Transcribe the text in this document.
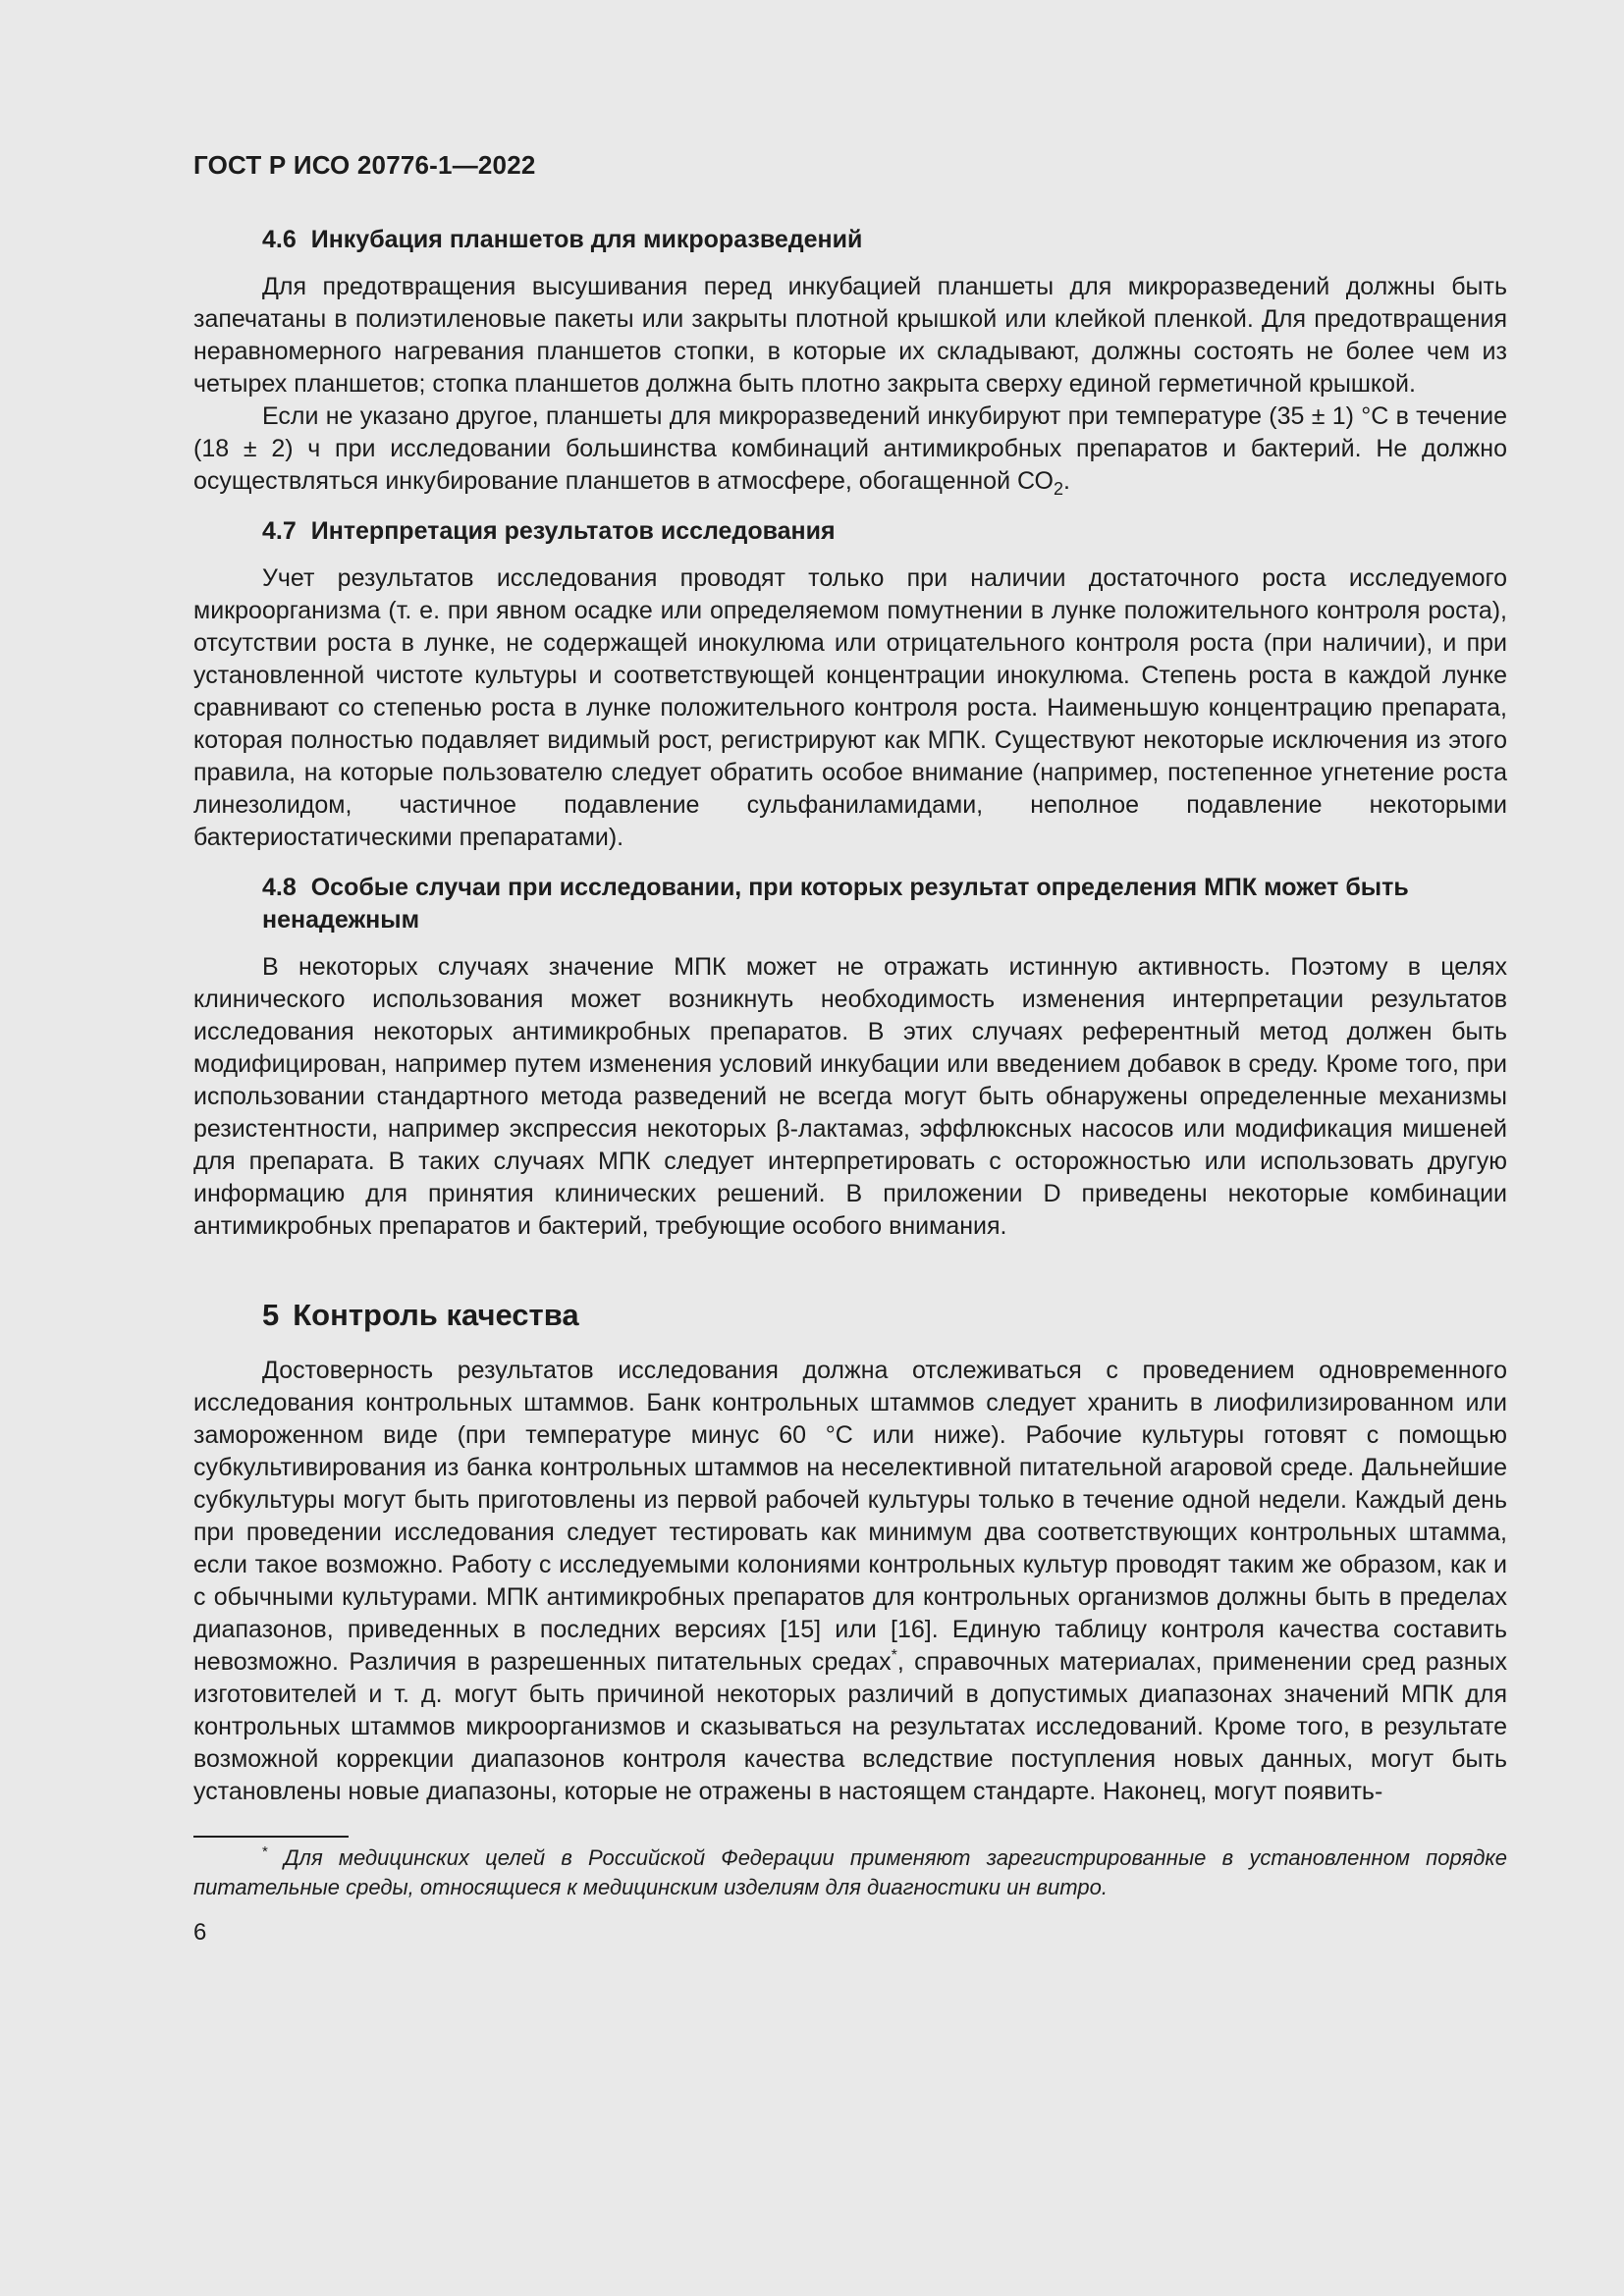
ГОСТ Р ИСО 20776-1—2022
4.6 Инкубация планшетов для микроразведений

Для предотвращения высушивания перед инкубацией планшеты для микроразведений должны быть запечатаны в полиэтиленовые пакеты или закрыты плотной крышкой или клейкой пленкой. Для предотвращения неравномерного нагревания планшетов стопки, в которые их складывают, должны состоять не более чем из четырех планшетов; стопка планшетов должна быть плотно закрыта сверху единой герметичной крышкой.

Если не указано другое, планшеты для микроразведений инкубируют при температуре (35 ± 1) °С в течение (18 ± 2) ч при исследовании большинства комбинаций антимикробных препаратов и бактерий. Не должно осуществляться инкубирование планшетов в атмосфере, обогащенной $СО_2$.

4.7 Интерпретация результатов исследования

Учет результатов исследования проводят только при наличии достаточного роста исследуемого микроорганизма (т. е. при явном осадке или определяемом помутнении в лунке положительного контроля роста), отсутствии роста в лунке, не содержащей инокулюма или отрицательного контроля роста (при наличии), и при установленной чистоте культуры и соответствующей концентрации инокулюма. Степень роста в каждой лунке сравнивают со степенью роста в лунке положительного контроля роста. Наименьшую концентрацию препарата, которая полностью подавляет видимый рост, регистрируют как МПК. Существуют некоторые исключения из этого правила, на которые пользователю следует обратить особое внимание (например, постепенное угнетение роста линезолидом, частичное подавление сульфаниламидами, неполное подавление некоторыми бактериостатическими препаратами).

4.8 Особые случаи при исследовании, при которых результат определения МПК может быть ненадежным

В некоторых случаях значение МПК может не отражать истинную активность. Поэтому в целях клинического использования может возникнуть необходимость изменения интерпретации результатов исследования некоторых антимикробных препаратов. В этих случаях референтный метод должен быть модифицирован, например путем изменения условий инкубации или введением добавок в среду. Кроме того, при использовании стандартного метода разведений не всегда могут быть обнаружены определенные механизмы резистентности, например экспрессия некоторых β-лактамаз, эффлюксных насосов или модификация мишеней для препарата. В таких случаях МПК следует интерпретировать с осторожностью или использовать другую информацию для принятия клинических решений. В приложении D приведены некоторые комбинации антимикробных препаратов и бактерий, требующие особого внимания.

5 Контроль качества

Достоверность результатов исследования должна отслеживаться с проведением одновременного исследования контрольных штаммов. Банк контрольных штаммов следует хранить в лиофилизированном или замороженном виде (при температуре минус 60 °С или ниже). Рабочие культуры готовят с помощью субкультивирования из банка контрольных штаммов на неселективной питательной агаровой среде. Дальнейшие субкультуры могут быть приготовлены из первой рабочей культуры только в течение одной недели. Каждый день при проведении исследования следует тестировать как минимум два соответствующих контрольных штамма, если такое возможно. Работу с исследуемыми колониями контрольных культур проводят таким же образом, как и с обычными культурами. МПК антимикробных препаратов для контрольных организмов должны быть в пределах диапазонов, приведенных в последних версиях [15] или [16]. Единую таблицу контроля качества составить невозможно. Различия в разрешенных питательных средах*, справочных материалах, применении сред разных изготовителей и т. д. могут быть причиной некоторых различий в допустимых диапазонах значений МПК для контрольных штаммов микроорганизмов и сказываться на результатах исследований. Кроме того, в результате возможной коррекции диапазонов контроля качества вследствие поступления новых данных, могут быть установлены новые диапазоны, которые не отражены в настоящем стандарте. Наконец, могут появить-

* Для медицинских целей в Российской Федерации применяют зарегистрированные в установленном порядке питательные среды, относящиеся к медицинским изделиям для диагностики ин витро.

6
